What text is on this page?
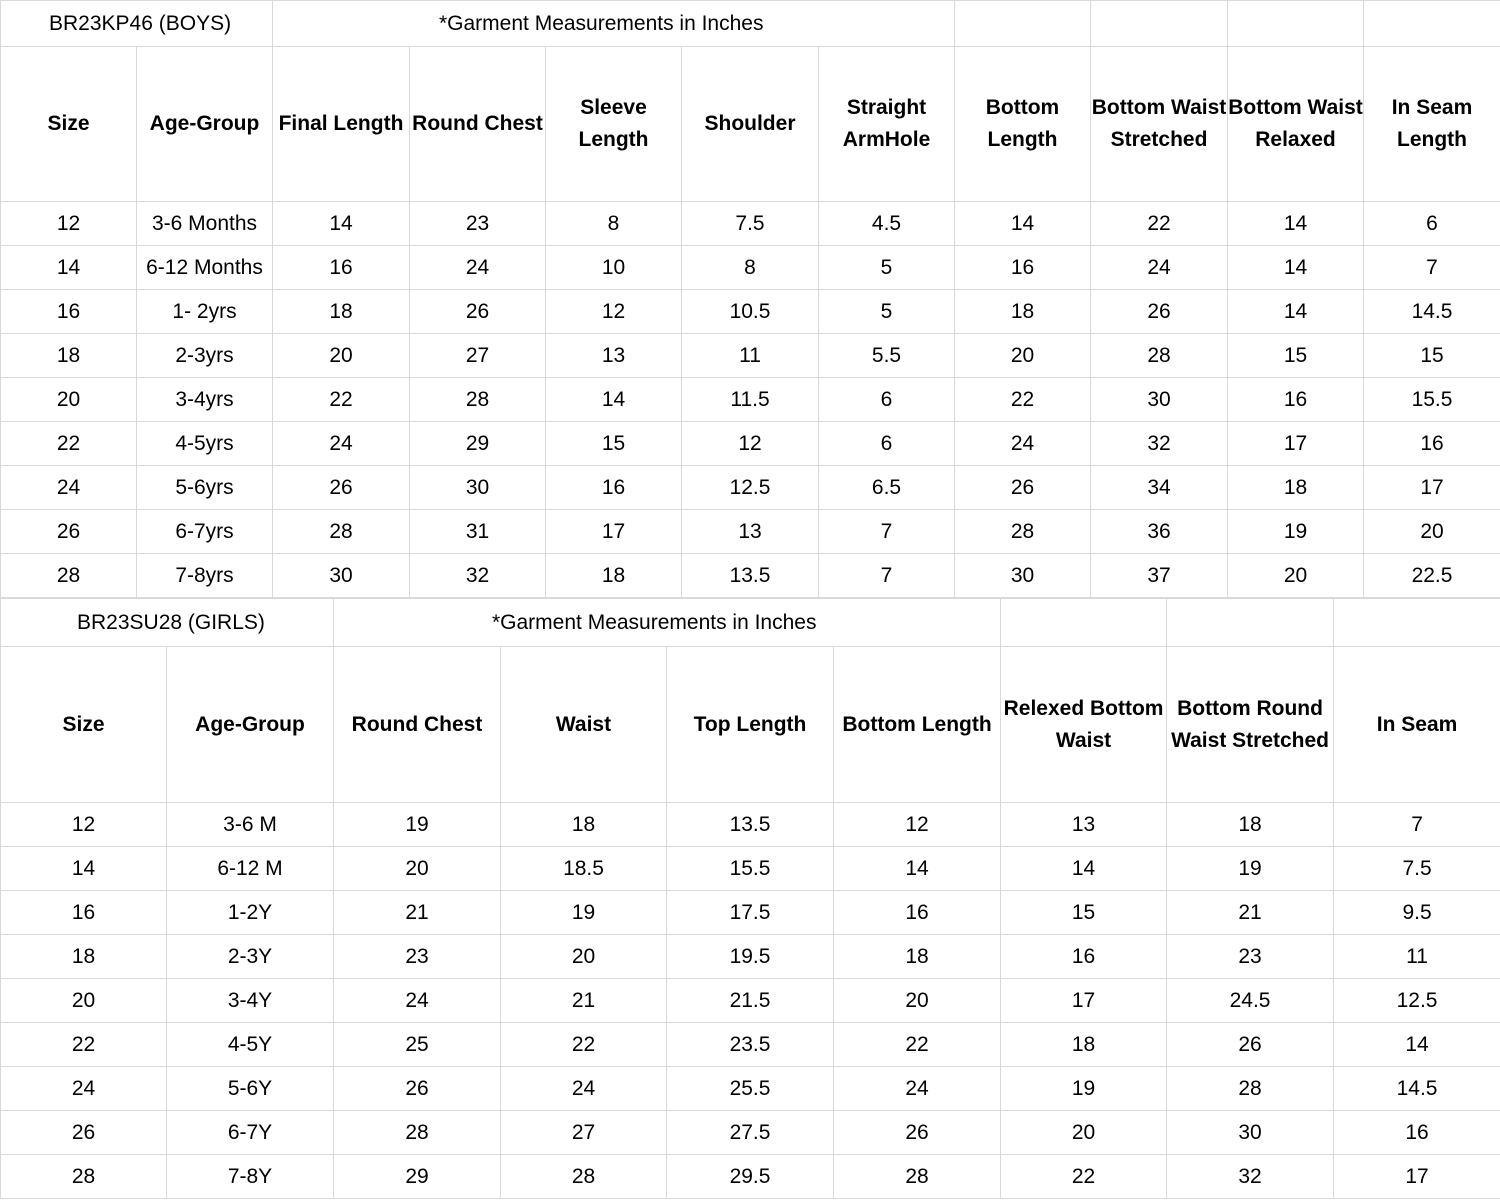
BR23KP46 (BOYS)		*Garment Measurements in Inches								
Size	Age-Group	Final Length	Round Chest	Sleeve Length	Shoulder	Straight ArmHole	Bottom Length	Bottom Waist Stretched	Bottom Waist Relaxed	In Seam Length
12	3-6 Months	14	23	8	7.5	4.5	14	22	14	6
14	6-12 Months	16	24	10	8	5	16	24	14	7
16	1- 2yrs	18	26	12	10.5	5	18	26	14	14.5
18	2-3yrs	20	27	13	11	5.5	20	28	15	15
20	3-4yrs	22	28	14	11.5	6	22	30	16	15.5
22	4-5yrs	24	29	15	12	6	24	32	17	16
24	5-6yrs	26	30	16	12.5	6.5	26	34	18	17
26	6-7yrs	28	31	17	13	7	28	36	19	20
28	7-8yrs	30	32	18	13.5	7	30	37	20	22.5
BR23SU28 (GIRLS)		*Garment Measurements in Inches						
Size	Age-Group	Round Chest	Waist	Top Length	Bottom Length	Relexed Bottom Waist	Bottom Round Waist Stretched	In Seam
12	3-6 M	19	18	13.5	12	13	18	7
14	6-12 M	20	18.5	15.5	14	14	19	7.5
16	1-2Y	21	19	17.5	16	15	21	9.5
18	2-3Y	23	20	19.5	18	16	23	11
20	3-4Y	24	21	21.5	20	17	24.5	12.5
22	4-5Y	25	22	23.5	22	18	26	14
24	5-6Y	26	24	25.5	24	19	28	14.5
26	6-7Y	28	27	27.5	26	20	30	16
28	7-8Y	29	28	29.5	28	22	32	17
